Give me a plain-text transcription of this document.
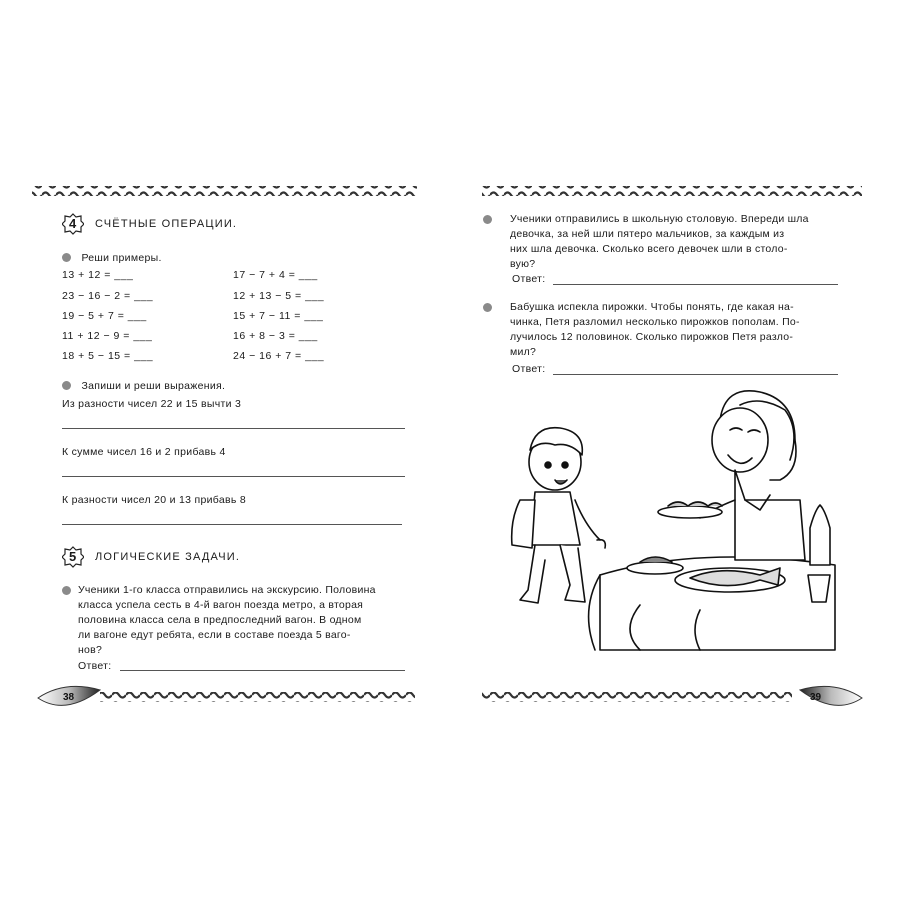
4 СЧЁТНЫЕ ОПЕРАЦИИ.
Реши примеры.
13 + 12 = ___
23 − 16 − 2 = ___
19 − 5 + 7 = ___
11 + 12 − 9 = ___
18 + 5 − 15 = ___
17 − 7 + 4 = ___
12 + 13 − 5 = ___
15 + 7 − 11 = ___
16 + 8 − 3 = ___
24 − 16 + 7 = ___
Запиши и реши выражения.
Из разности чисел 22 и 15 вычти 3
К сумме чисел 16 и 2 прибавь 4
К разности чисел 20 и 13 прибавь 8
5 ЛОГИЧЕСКИЕ ЗАДАЧИ.
Ученики 1-го класса отправились на экскурсию. Половина
класса успела сесть в 4-й вагон поезда метро, а вторая
половина класса села в предпоследний вагон. В одном
ли вагоне едут ребята, если в составе поезда 5 ваго-
нов?
Ответ:
38
Ученики отправились в школьную столовую. Впереди шла
девочка, за ней шли пятеро мальчиков, за каждым из
них шла девочка. Сколько всего девочек шли в столо-
вую?
Ответ:
Бабушка испекла пирожки. Чтобы понять, где какая на-
чинка, Петя разломил несколько пирожков пополам. По-
лучилось 12 половинок. Сколько пирожков Петя разло-
мил?
Ответ:
39
